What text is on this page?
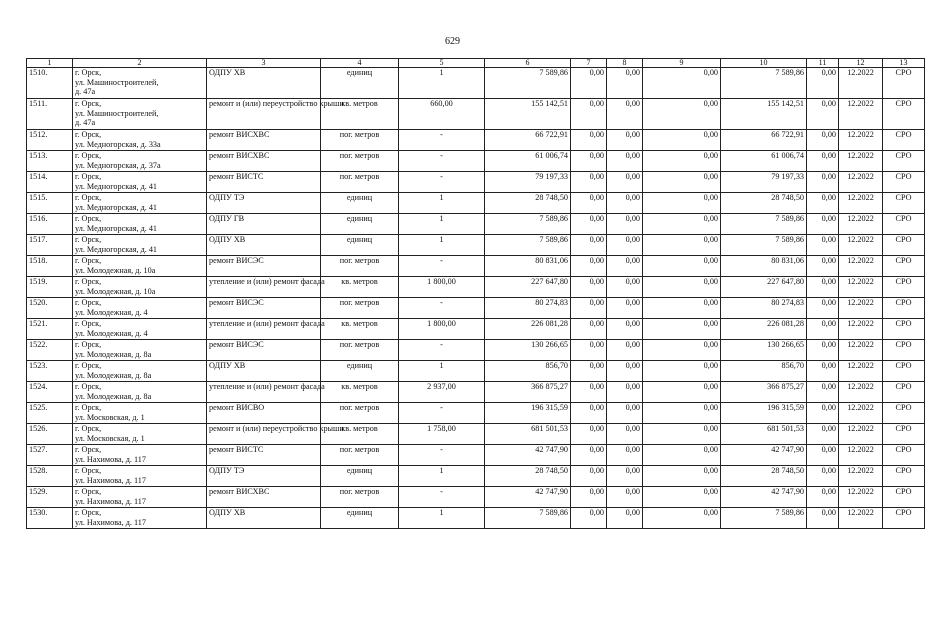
629
1	2	3	4	5	6	7	8	9	10	11	12	13
1510.	г. Орск,
ул. Машиностроителей,
д. 47а	ОДПУ ХВ	единиц	1	7 589,86	0,00	0,00	0,00	7 589,86	0,00	12.2022	СРО
1511.	г. Орск,
ул. Машиностроителей,
д. 47а	ремонт и (или) переустройство крыши	кв. метров	660,00	155 142,51	0,00	0,00	0,00	155 142,51	0,00	12.2022	СРО
1512.	г. Орск,
ул. Медногорская, д. 33а	ремонт ВИСХВС	пог. метров	-	66 722,91	0,00	0,00	0,00	66 722,91	0,00	12.2022	СРО
1513.	г. Орск,
ул. Медногорская, д. 37а	ремонт ВИСХВС	пог. метров	-	61 006,74	0,00	0,00	0,00	61 006,74	0,00	12.2022	СРО
1514.	г. Орск,
ул. Медногорская, д. 41	ремонт ВИСТС	пог. метров	-	79 197,33	0,00	0,00	0,00	79 197,33	0,00	12.2022	СРО
1515.	г. Орск,
ул. Медногорская, д. 41	ОДПУ ТЭ	единиц	1	28 748,50	0,00	0,00	0,00	28 748,50	0,00	12.2022	СРО
1516.	г. Орск,
ул. Медногорская, д. 41	ОДПУ ГВ	единиц	1	7 589,86	0,00	0,00	0,00	7 589,86	0,00	12.2022	СРО
1517.	г. Орск,
ул. Медногорская, д. 41	ОДПУ ХВ	единиц	1	7 589,86	0,00	0,00	0,00	7 589,86	0,00	12.2022	СРО
1518.	г. Орск,
ул. Молодежная, д. 10а	ремонт ВИСЭС	пог. метров	-	80 831,06	0,00	0,00	0,00	80 831,06	0,00	12.2022	СРО
1519.	г. Орск,
ул. Молодежная, д. 10а	утепление и (или) ремонт фасада	кв. метров	1 800,00	227 647,80	0,00	0,00	0,00	227 647,80	0,00	12.2022	СРО
1520.	г. Орск,
ул. Молодежная, д. 4	ремонт ВИСЭС	пог. метров	-	80 274,83	0,00	0,00	0,00	80 274,83	0,00	12.2022	СРО
1521.	г. Орск,
ул. Молодежная, д. 4	утепление и (или) ремонт фасада	кв. метров	1 800,00	226 081,28	0,00	0,00	0,00	226 081,28	0,00	12.2022	СРО
1522.	г. Орск,
ул. Молодежная, д. 8а	ремонт ВИСЭС	пог. метров	-	130 266,65	0,00	0,00	0,00	130 266,65	0,00	12.2022	СРО
1523.	г. Орск,
ул. Молодежная, д. 8а	ОДПУ ХВ	единиц	1	856,70	0,00	0,00	0,00	856,70	0,00	12.2022	СРО
1524.	г. Орск,
ул. Молодежная, д. 8а	утепление и (или) ремонт фасада	кв. метров	2 937,00	366 875,27	0,00	0,00	0,00	366 875,27	0,00	12.2022	СРО
1525.	г. Орск,
ул. Московская, д. 1	ремонт ВИСВО	пог. метров	-	196 315,59	0,00	0,00	0,00	196 315,59	0,00	12.2022	СРО
1526.	г. Орск,
ул. Московская, д. 1	ремонт и (или) переустройство крыши	кв. метров	1 758,00	681 501,53	0,00	0,00	0,00	681 501,53	0,00	12.2022	СРО
1527.	г. Орск,
ул. Нахимова, д. 117	ремонт ВИСТС	пог. метров	-	42 747,90	0,00	0,00	0,00	42 747,90	0,00	12.2022	СРО
1528.	г. Орск,
ул. Нахимова, д. 117	ОДПУ ТЭ	единиц	1	28 748,50	0,00	0,00	0,00	28 748,50	0,00	12.2022	СРО
1529.	г. Орск,
ул. Нахимова, д. 117	ремонт ВИСХВС	пог. метров	-	42 747,90	0,00	0,00	0,00	42 747,90	0,00	12.2022	СРО
1530.	г. Орск,
ул. Нахимова, д. 117	ОДПУ ХВ	единиц	1	7 589,86	0,00	0,00	0,00	7 589,86	0,00	12.2022	СРО
